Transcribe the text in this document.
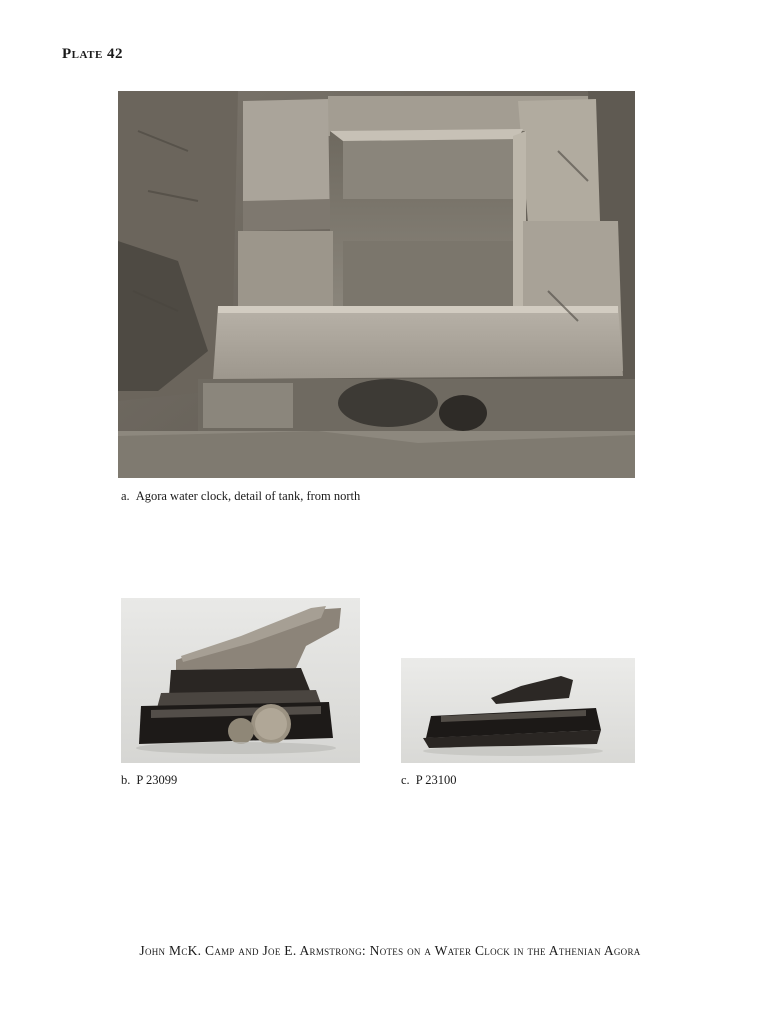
Plate 42
a. Agora water clock, detail of tank, from north
b. P 23099	c. P 23100
John McK. Camp and Joe E. Armstrong: Notes on a Water Clock in the Athenian Agora
